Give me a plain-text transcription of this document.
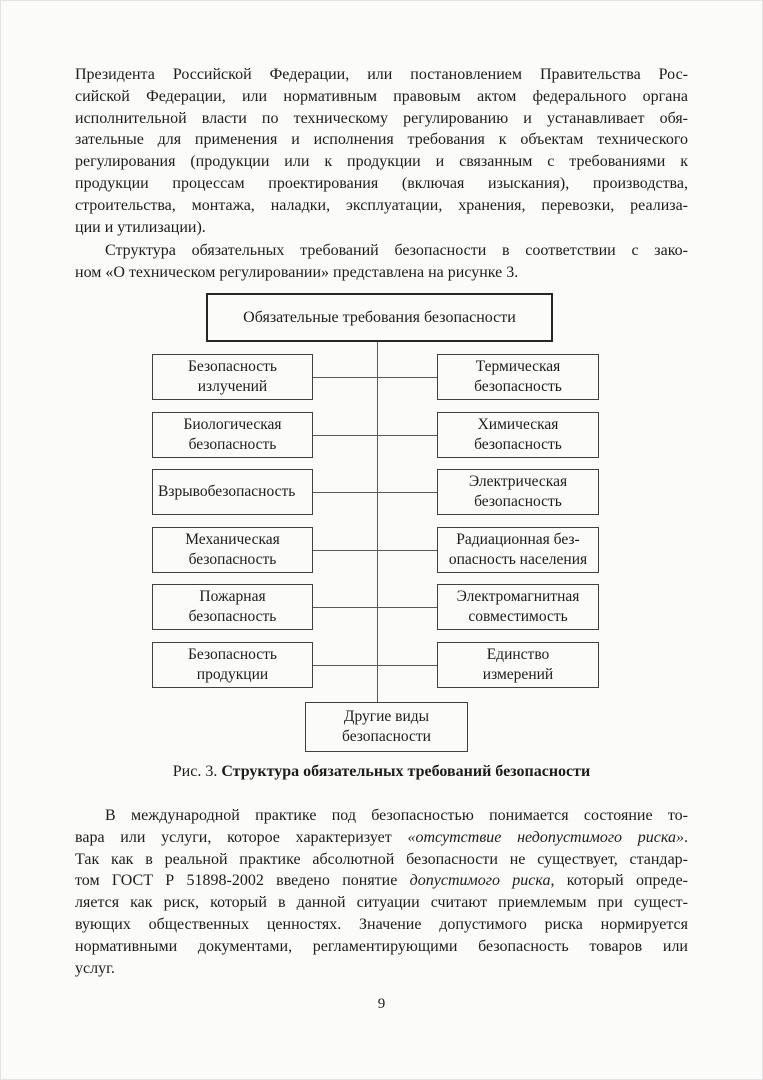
Президента Российской Федерации, или постановлением Правительства Рос-
сийской Федерации, или нормативным правовым актом федерального органа
исполнительной власти по техническому регулированию и устанавливает обя-
зательные для применения и исполнения требования к объектам технического
регулирования (продукции или к продукции и связанным с требованиями к
продукции процессам проектирования (включая изыскания), производства,
строительства, монтажа, наладки, эксплуатации, хранения, перевозки, реализа-
ции и утилизации).
Структура обязательных требований безопасности в соответствии с зако-
ном «О техническом регулировании» представлена на рисунке 3.
Обязательные требования безопасности
Безопасность
излучений
Биологическая
безопасность
Взрывобезопасность
Механическая
безопасность
Пожарная
безопасность
Безопасность
продукции
Термическая
безопасность
Химическая
безопасность
Электрическая
безопасность
Радиационная без-
опасность населения
Электромагнитная
совместимость
Единство
измерений
Другие виды
безопасности
Рис. 3. Структура обязательных требований безопасности
В международной практике под безопасностью понимается состояние то-
вара или услуги, которое характеризует «отсутствие недопустимого риска».
Так как в реальной практике абсолютной безопасности не существует, стандар-
том ГОСТ Р 51898-2002 введено понятие допустимого риска, который опреде-
ляется как риск, который в данной ситуации считают приемлемым при сущест-
вующих общественных ценностях. Значение допустимого риска нормируется
нормативными документами, регламентирующими безопасность товаров или
услуг.
9
